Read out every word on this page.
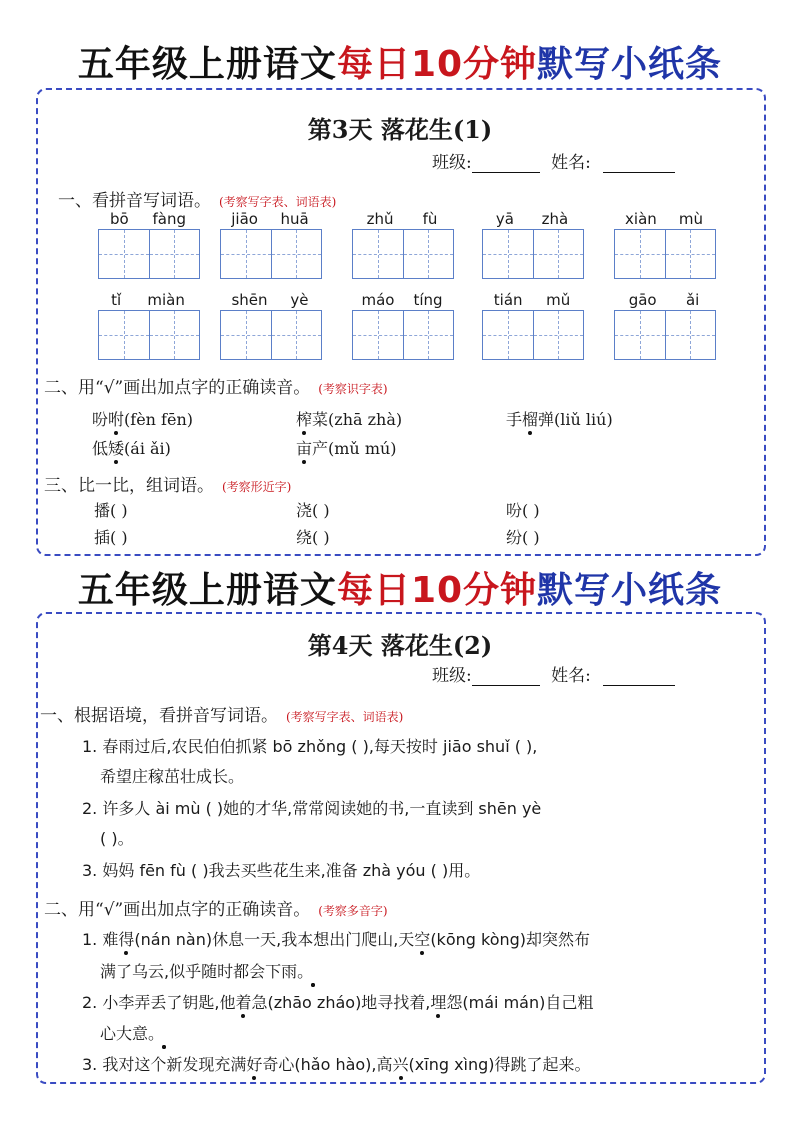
五年级上册语文每日10分钟默写小纸条
第3天 落花生(1)
班级:	姓名:
一、看拼音写词语。 (考察写字表、词语表)
bō fàng	jiāo huā	zhǔ fù	yā zhà	xiàn mù
tǐ miàn	shēn yè	máo tíng	tián mǔ	gāo ǎi
二、用“√”画出加点字的正确读音。 (考察识字表)
吩咐(fèn fēn)	榨菜(zhā zhà)	手榴弹(liǔ liú)
低矮(ái ǎi)	亩产(mǔ mú)
三、比一比，组词语。 (考察形近字)
播( )	浇( )	吩( )
插( )	绕( )	纷( )
五年级上册语文每日10分钟默写小纸条
第4天 落花生(2)
班级:	姓名:
一、根据语境，看拼音写词语。 (考察写字表、词语表)
1. 春雨过后,农民伯伯抓紧 bō zhǒng ( ),每天按时 jiāo shuǐ ( ),
希望庄稼茁壮成长。
2. 许多人 ài mù ( )她的才华,常常阅读她的书,一直读到 shēn yè
( )。
3. 妈妈 fēn fù ( )我去买些花生来,准备 zhà yóu ( )用。
二、用“√”画出加点字的正确读音。 (考察多音字)
1. 难得(nán nàn)休息一天,我本想出门爬山,天空(kōng kòng)却突然布
满了乌云,似乎随时都会下雨。
2. 小李弄丢了钥匙,他着急(zhāo zháo)地寻找着,埋怨(mái mán)自己粗
心大意。
3. 我对这个新发现充满好奇心(hǎo hào),高兴(xīng xìng)得跳了起来。
